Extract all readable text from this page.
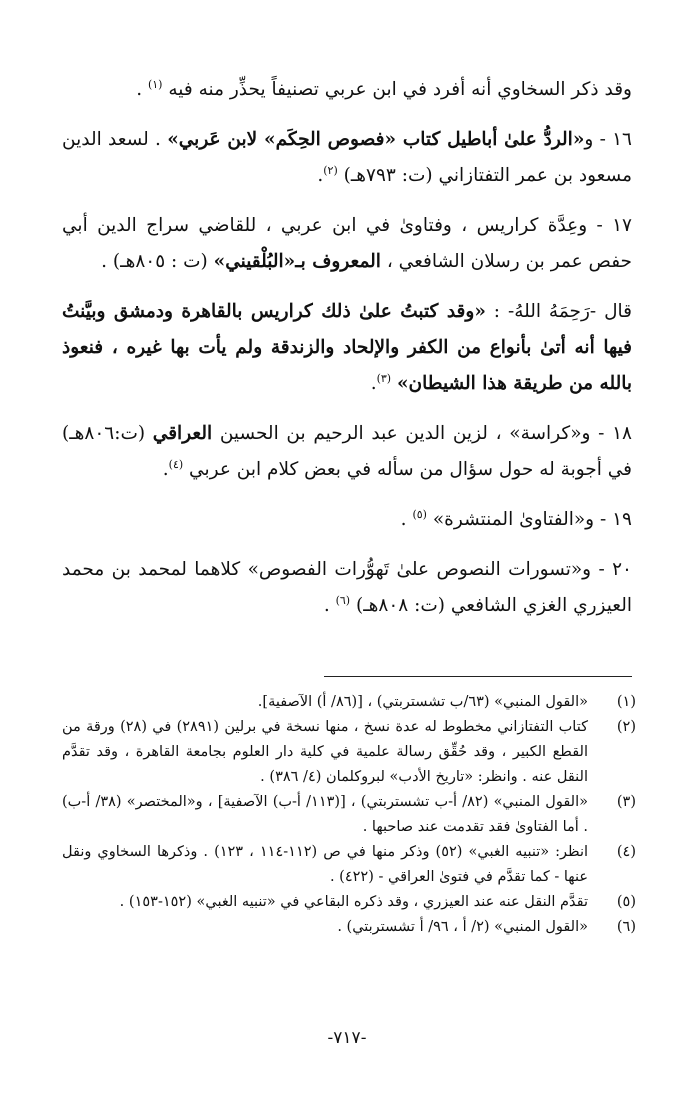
وقد ذكر السخاوي أنه أفرد في ابن عربي تصنيفاً يحذِّر منه فيه $^{(١)}$ .

١٦ - و«الردُّ علىٰ أباطيل كتاب «فصوص الحِكَم» لابن عَربي» . لسعد الدين مسعود بن عمر التفتازاني (ت: ٧٩٣هـ) $^{(٢)}$.

١٧ - وعِدَّة كراريس ، وفتاوىٰ في ابن عربي ، للقاضي سراج الدين أبي حفص عمر بن رسلان الشافعي ، المعروف بـ«البُلْقيني» (ت : ٨٠٥هـ) .

قال -رَحِمَهُ اللهُ- : «وقد كتبتُ علىٰ ذلك كراريس بالقاهرة ودمشق وبيَّنتُ فيها أنه أتىٰ بأنواع من الكفر والإلحاد والزندقة ولم يأت بها غيره ، فنعوذ بالله من طريقة هذا الشيطان» $^{(٣)}$.

١٨ - و«كراسة» ، لزين الدين عبد الرحيم بن الحسين العراقي (ت:٨٠٦هـ) في أجوبة له حول سؤال من سأله في بعض كلام ابن عربي $^{(٤)}$.

١٩ - و«الفتاوىٰ المنتشرة» $^{(٥)}$ .

٢٠ - و«تسورات النصوص علىٰ تَهوُّرات الفصوص» كلاهما لمحمد بن محمد العيزري الغزي الشافعي (ت: ٨٠٨هـ) $^{(٦)}$ .

(١)
«القول المنبي» (٦٣/ب تشستربتي) ، [(٨٦/ أ) الآصفية].
(٢)
كتاب التفتازاني مخطوط له عدة نسخ ، منها نسخة في برلين (٢٨٩١) في (٢٨) ورقة من القطع الكبير ، وقد حُقِّق رسالة علمية في كلية دار العلوم بجامعة القاهرة ، وقد تقدَّم النقل عنه . وانظر: «تاريخ الأدب» لبروكلمان (٤/ ٣٨٦) .
(٣)
«القول المنبي» (٨٢/ أ-ب تشستربتي) ، [(١١٣/ أ-ب) الآصفية] ، و«المختصر» (٣٨/ أ-ب) . أما الفتاوىٰ فقد تقدمت عند صاحبها .
(٤)
انظر: «تنبيه الغبي» (٥٢) وذكر منها في ص (١١٢-١١٤ ، ١٢٣) . وذكرها السخاوي ونقل عنها - كما تقدَّم في فتوىٰ العراقي - (٤٢٢) .
(٥)
تقدَّم النقل عنه عند العيزري ، وقد ذكره البقاعي في «تنبيه الغبي» (١٥٢-١٥٣) .
(٦)
«القول المنبي» (٢/ أ ، ٩٦/ أ تشستربتي) .
-٧١٧-
